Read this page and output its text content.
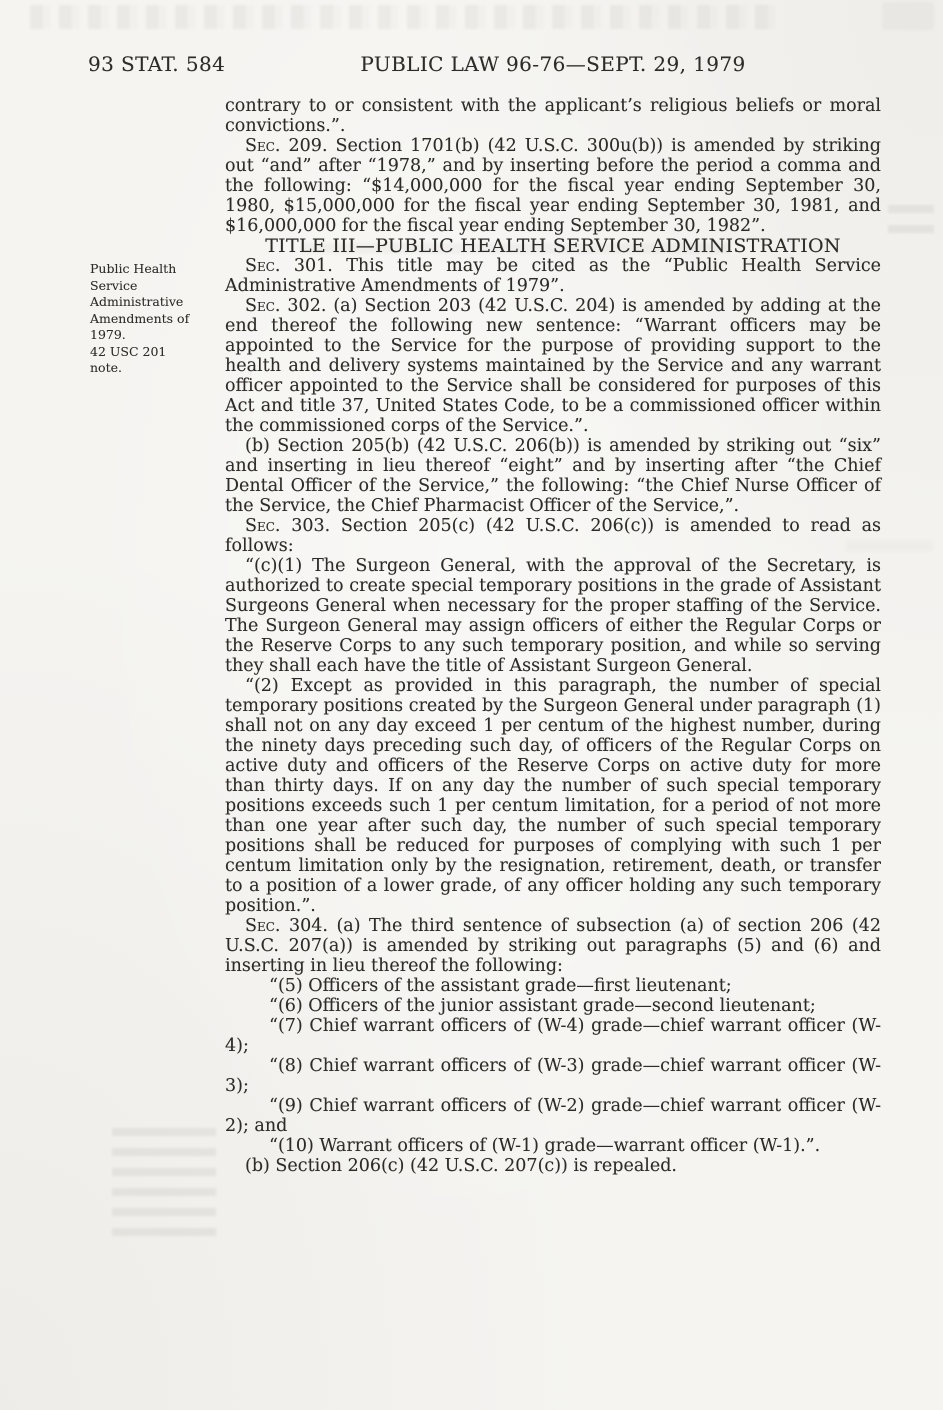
93 STAT. 584	PUBLIC LAW 96-76—SEPT. 29, 1979
Public Health Service Administrative Amendments of 1979.
42 USC 201 note.

contrary to or consistent with the applicant’s religious beliefs or moral convictions.”.

Sec. 209. Section 1701(b) (42 U.S.C. 300u(b)) is amended by striking out “and” after “1978,” and by inserting before the period a comma and the following: “$14,000,000 for the fiscal year ending September 30, 1980, $15,000,000 for the fiscal year ending September 30, 1981, and $16,000,000 for the fiscal year ending September 30, 1982”.

TITLE III—PUBLIC HEALTH SERVICE ADMINISTRATION

Sec. 301. This title may be cited as the “Public Health Service Administrative Amendments of 1979”.

Sec. 302. (a) Section 203 (42 U.S.C. 204) is amended by adding at the end thereof the following new sentence: “Warrant officers may be appointed to the Service for the purpose of providing support to the health and delivery systems maintained by the Service and any warrant officer appointed to the Service shall be considered for purposes of this Act and title 37, United States Code, to be a commissioned officer within the commissioned corps of the Service.”.

(b) Section 205(b) (42 U.S.C. 206(b)) is amended by striking out “six” and inserting in lieu thereof “eight” and by inserting after “the Chief Dental Officer of the Service,” the following: “the Chief Nurse Officer of the Service, the Chief Pharmacist Officer of the Service,”.

Sec. 303. Section 205(c) (42 U.S.C. 206(c)) is amended to read as follows:

“(c)(1) The Surgeon General, with the approval of the Secretary, is authorized to create special temporary positions in the grade of Assistant Surgeons General when necessary for the proper staffing of the Service. The Surgeon General may assign officers of either the Regular Corps or the Reserve Corps to any such temporary position, and while so serving they shall each have the title of Assistant Surgeon General.

“(2) Except as provided in this paragraph, the number of special temporary positions created by the Surgeon General under paragraph (1) shall not on any day exceed 1 per centum of the highest number, during the ninety days preceding such day, of officers of the Regular Corps on active duty and officers of the Reserve Corps on active duty for more than thirty days. If on any day the number of such special temporary positions exceeds such 1 per centum limitation, for a period of not more than one year after such day, the number of such special temporary positions shall be reduced for purposes of complying with such 1 per centum limitation only by the resignation, retirement, death, or transfer to a position of a lower grade, of any officer holding any such temporary position.”.

Sec. 304. (a) The third sentence of subsection (a) of section 206 (42 U.S.C. 207(a)) is amended by striking out paragraphs (5) and (6) and inserting in lieu thereof the following:

“(5) Officers of the assistant grade—first lieutenant;

“(6) Officers of the junior assistant grade—second lieutenant;

“(7) Chief warrant officers of (W-4) grade—chief warrant officer (W-4);

“(8) Chief warrant officers of (W-3) grade—chief warrant officer (W-3);

“(9) Chief warrant officers of (W-2) grade—chief warrant officer (W-2); and

“(10) Warrant officers of (W-1) grade—warrant officer (W-1).”.

(b) Section 206(c) (42 U.S.C. 207(c)) is repealed.
